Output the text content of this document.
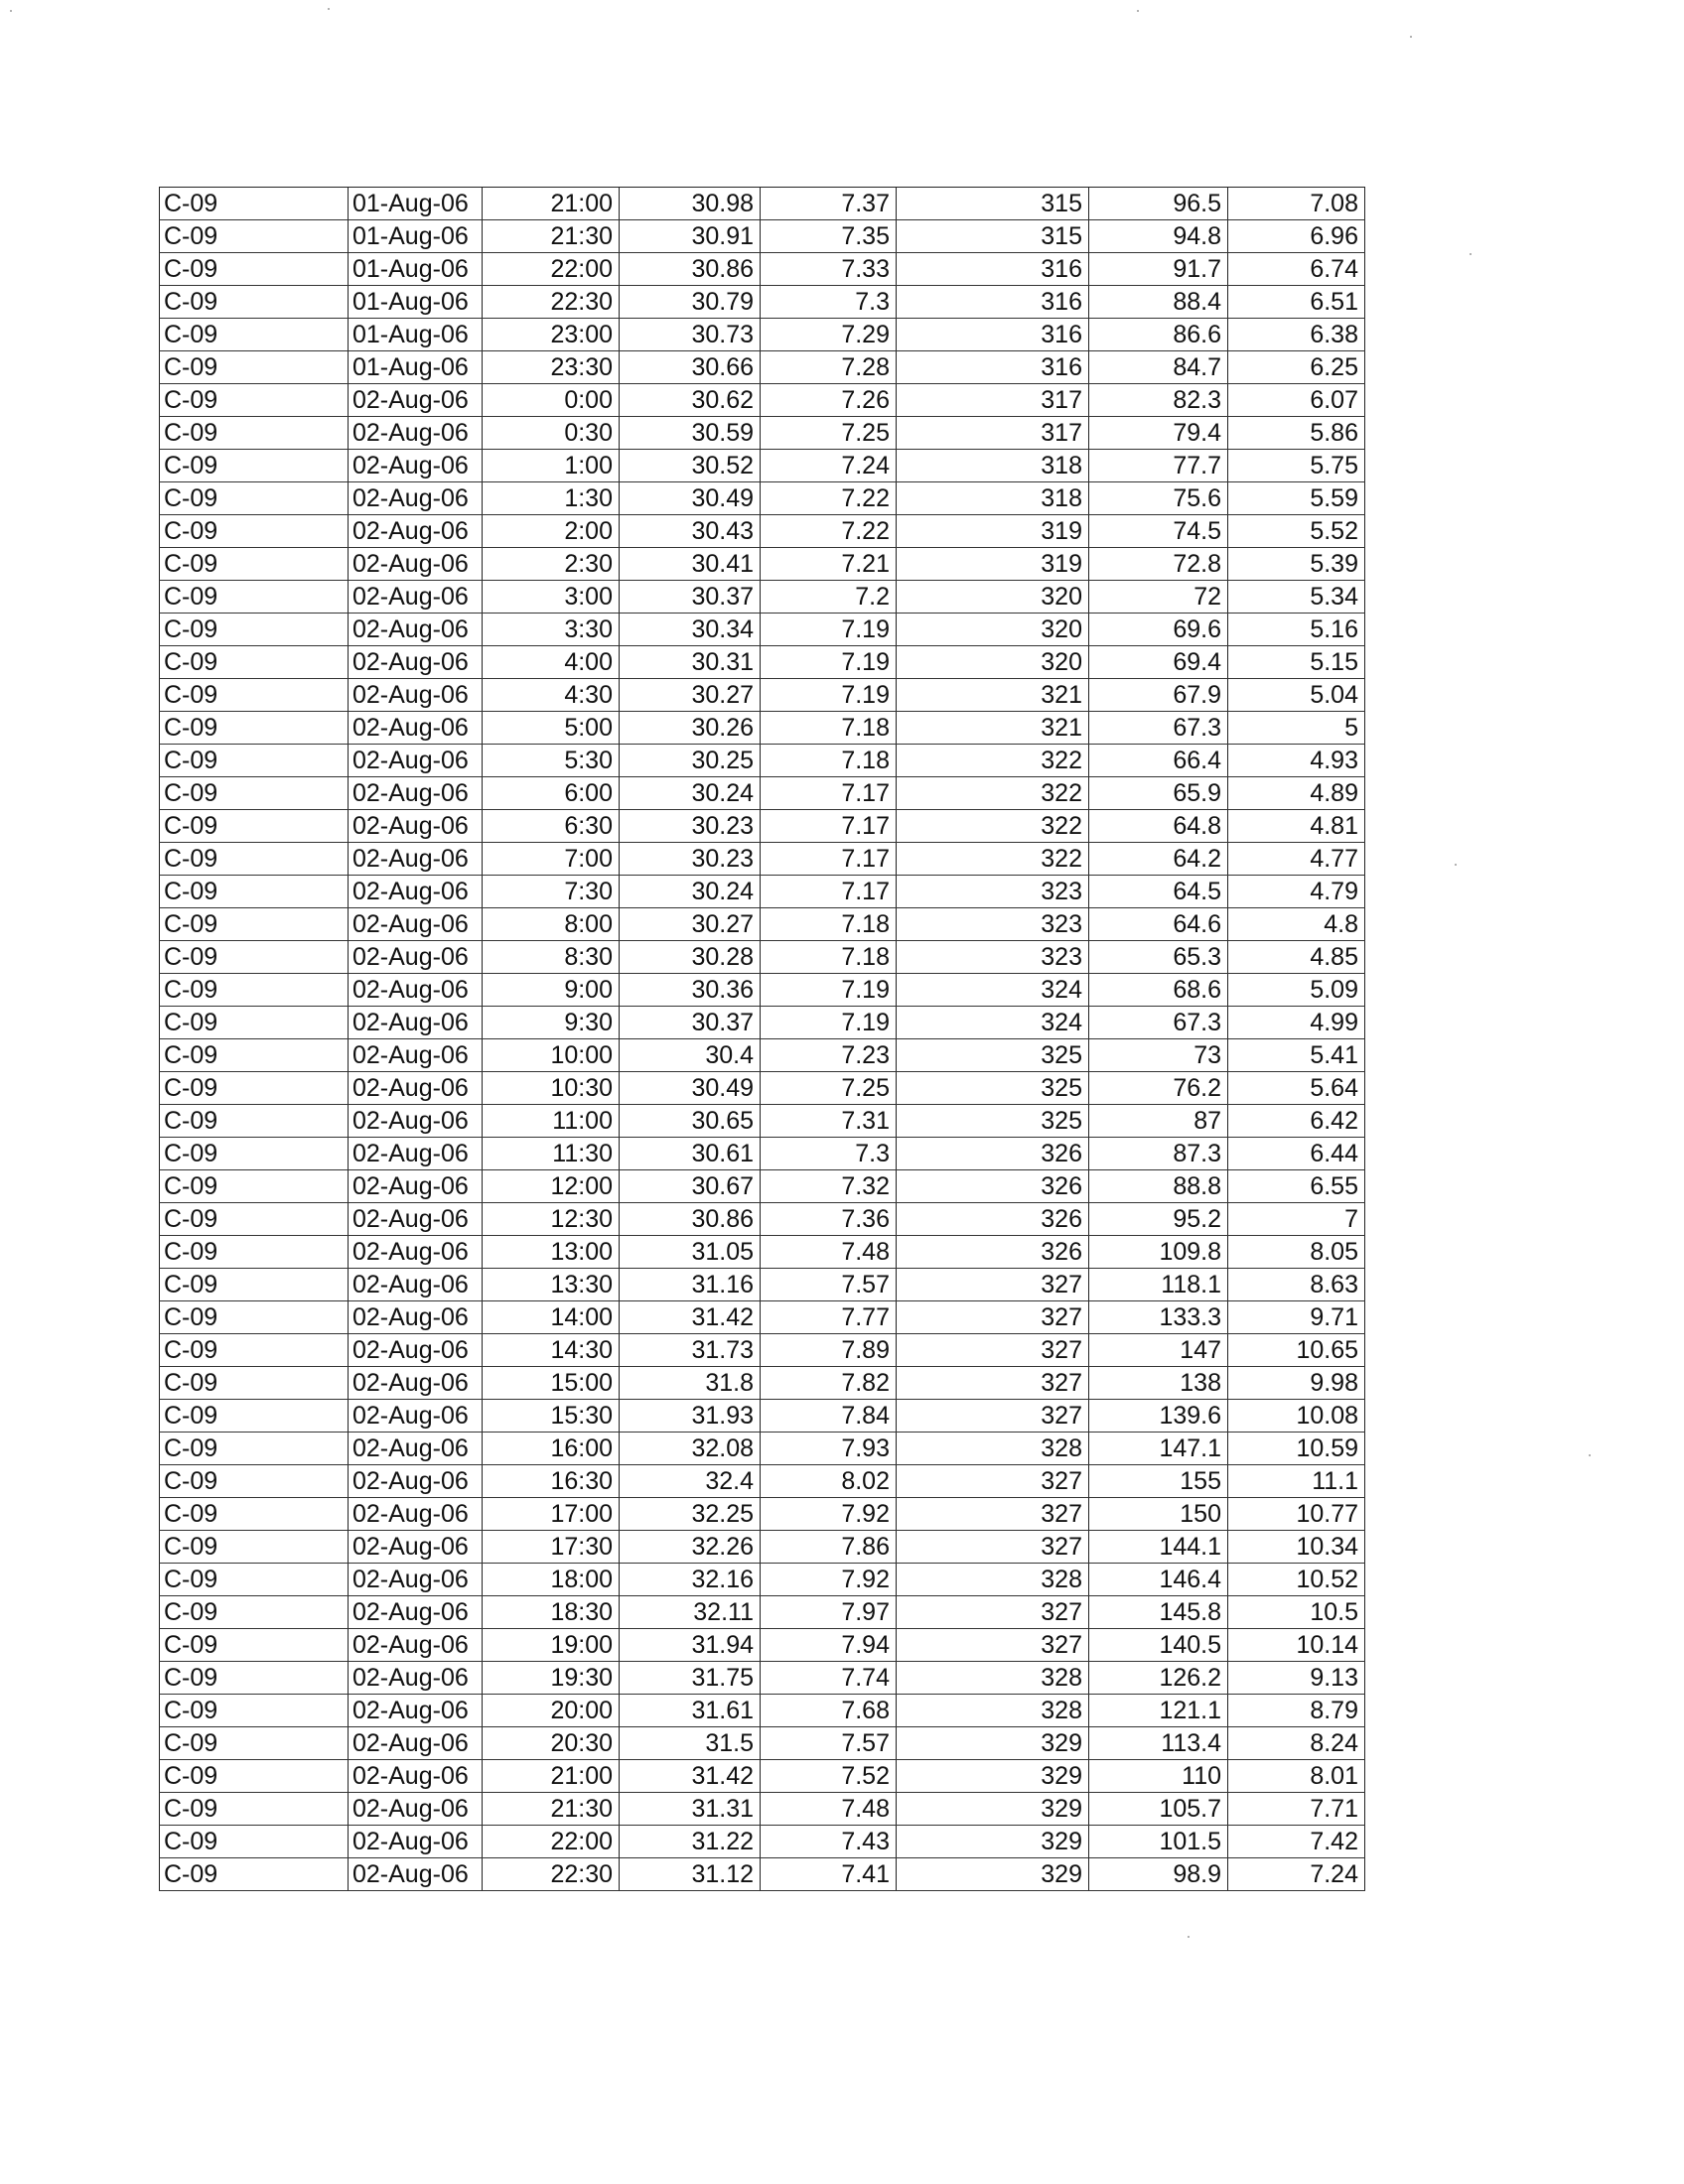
C-09	01-Aug-06	21:00	30.98	7.37	315	96.5	7.08
C-09	01-Aug-06	21:30	30.91	7.35	315	94.8	6.96
C-09	01-Aug-06	22:00	30.86	7.33	316	91.7	6.74
C-09	01-Aug-06	22:30	30.79	7.3	316	88.4	6.51
C-09	01-Aug-06	23:00	30.73	7.29	316	86.6	6.38
C-09	01-Aug-06	23:30	30.66	7.28	316	84.7	6.25
C-09	02-Aug-06	0:00	30.62	7.26	317	82.3	6.07
C-09	02-Aug-06	0:30	30.59	7.25	317	79.4	5.86
C-09	02-Aug-06	1:00	30.52	7.24	318	77.7	5.75
C-09	02-Aug-06	1:30	30.49	7.22	318	75.6	5.59
C-09	02-Aug-06	2:00	30.43	7.22	319	74.5	5.52
C-09	02-Aug-06	2:30	30.41	7.21	319	72.8	5.39
C-09	02-Aug-06	3:00	30.37	7.2	320	72	5.34
C-09	02-Aug-06	3:30	30.34	7.19	320	69.6	5.16
C-09	02-Aug-06	4:00	30.31	7.19	320	69.4	5.15
C-09	02-Aug-06	4:30	30.27	7.19	321	67.9	5.04
C-09	02-Aug-06	5:00	30.26	7.18	321	67.3	5
C-09	02-Aug-06	5:30	30.25	7.18	322	66.4	4.93
C-09	02-Aug-06	6:00	30.24	7.17	322	65.9	4.89
C-09	02-Aug-06	6:30	30.23	7.17	322	64.8	4.81
C-09	02-Aug-06	7:00	30.23	7.17	322	64.2	4.77
C-09	02-Aug-06	7:30	30.24	7.17	323	64.5	4.79
C-09	02-Aug-06	8:00	30.27	7.18	323	64.6	4.8
C-09	02-Aug-06	8:30	30.28	7.18	323	65.3	4.85
C-09	02-Aug-06	9:00	30.36	7.19	324	68.6	5.09
C-09	02-Aug-06	9:30	30.37	7.19	324	67.3	4.99
C-09	02-Aug-06	10:00	30.4	7.23	325	73	5.41
C-09	02-Aug-06	10:30	30.49	7.25	325	76.2	5.64
C-09	02-Aug-06	11:00	30.65	7.31	325	87	6.42
C-09	02-Aug-06	11:30	30.61	7.3	326	87.3	6.44
C-09	02-Aug-06	12:00	30.67	7.32	326	88.8	6.55
C-09	02-Aug-06	12:30	30.86	7.36	326	95.2	7
C-09	02-Aug-06	13:00	31.05	7.48	326	109.8	8.05
C-09	02-Aug-06	13:30	31.16	7.57	327	118.1	8.63
C-09	02-Aug-06	14:00	31.42	7.77	327	133.3	9.71
C-09	02-Aug-06	14:30	31.73	7.89	327	147	10.65
C-09	02-Aug-06	15:00	31.8	7.82	327	138	9.98
C-09	02-Aug-06	15:30	31.93	7.84	327	139.6	10.08
C-09	02-Aug-06	16:00	32.08	7.93	328	147.1	10.59
C-09	02-Aug-06	16:30	32.4	8.02	327	155	11.1
C-09	02-Aug-06	17:00	32.25	7.92	327	150	10.77
C-09	02-Aug-06	17:30	32.26	7.86	327	144.1	10.34
C-09	02-Aug-06	18:00	32.16	7.92	328	146.4	10.52
C-09	02-Aug-06	18:30	32.11	7.97	327	145.8	10.5
C-09	02-Aug-06	19:00	31.94	7.94	327	140.5	10.14
C-09	02-Aug-06	19:30	31.75	7.74	328	126.2	9.13
C-09	02-Aug-06	20:00	31.61	7.68	328	121.1	8.79
C-09	02-Aug-06	20:30	31.5	7.57	329	113.4	8.24
C-09	02-Aug-06	21:00	31.42	7.52	329	110	8.01
C-09	02-Aug-06	21:30	31.31	7.48	329	105.7	7.71
C-09	02-Aug-06	22:00	31.22	7.43	329	101.5	7.42
C-09	02-Aug-06	22:30	31.12	7.41	329	98.9	7.24
